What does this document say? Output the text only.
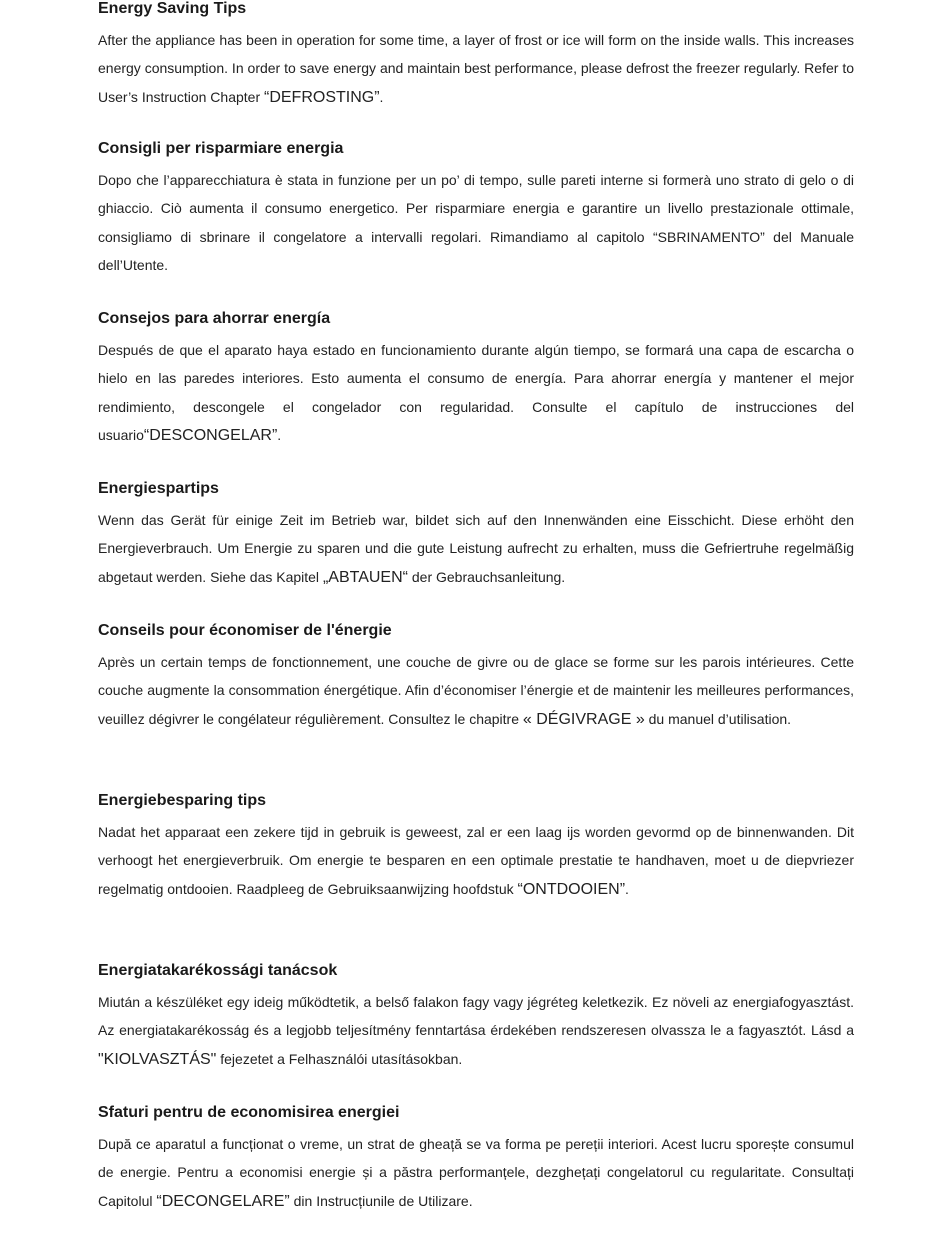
Energy Saving Tips

After the appliance has been in operation for some time, a layer of frost or ice will form on the inside walls. This increases energy consumption. In order to save energy and maintain best performance, please defrost the freezer regularly. Refer to User’s Instruction Chapter “DEFROSTING”.

Consigli per risparmiare energia

Dopo che l’apparecchiatura è stata in funzione per un po’ di tempo, sulle pareti interne si formerà uno strato di gelo o di ghiaccio. Ciò aumenta il consumo energetico. Per risparmiare energia e garantire un livello prestazionale ottimale, consigliamo di sbrinare il congelatore a intervalli regolari. Rimandiamo al capitolo “SBRINAMENTO” del Manuale dell’Utente.

Consejos para ahorrar energía

Después de que el aparato haya estado en funcionamiento durante algún tiempo, se formará una capa de escarcha o hielo en las paredes interiores. Esto aumenta el consumo de energía. Para ahorrar energía y mantener el mejor rendimiento, descongele el congelador con regularidad. Consulte el capítulo de instrucciones del usuario“DESCONGELAR”.

Energiespartips

Wenn das Gerät für einige Zeit im Betrieb war, bildet sich auf den Innenwänden eine Eisschicht. Diese erhöht den Energieverbrauch. Um Energie zu sparen und die gute Leistung aufrecht zu erhalten, muss die Gefriertruhe regelmäßig abgetaut werden. Siehe das Kapitel „ABTAUEN“ der Gebrauchsanleitung.

Conseils pour économiser de l'énergie

Après un certain temps de fonctionnement, une couche de givre ou de glace se forme sur les parois intérieures. Cette couche augmente la consommation énergétique. Afin d’économiser l’énergie et de maintenir les meilleures performances, veuillez dégivrer le congélateur régulièrement. Consultez le chapitre « DÉGIVRAGE » du manuel d’utilisation.

Energiebesparing tips

Nadat het apparaat een zekere tijd in gebruik is geweest, zal er een laag ijs worden gevormd op de binnenwanden. Dit verhoogt het energieverbruik. Om energie te besparen en een optimale prestatie te handhaven, moet u de diepvriezer regelmatig ontdooien. Raadpleeg de Gebruiksaanwijzing hoofdstuk “ONTDOOIEN”.

Energiatakarékossági tanácsok

Miután a készüléket egy ideig működtetik, a belső falakon fagy vagy jégréteg keletkezik. Ez növeli az energiafogyasztást. Az energiatakarékosság és a legjobb teljesítmény fenntartása érdekében rendszeresen olvassza le a fagyasztót. Lásd a "KIOLVASZTÁS" fejezetet a Felhasználói utasításokban.

Sfaturi pentru de economisirea energiei

După ce aparatul a funcționat o vreme, un strat de gheață se va forma pe pereții interiori. Acest lucru sporește consumul de energie. Pentru a economisi energie și a păstra performanțele, dezghețați congelatorul cu regularitate. Consultați Capitolul “DECONGELARE” din Instrucțiunile de Utilizare.
